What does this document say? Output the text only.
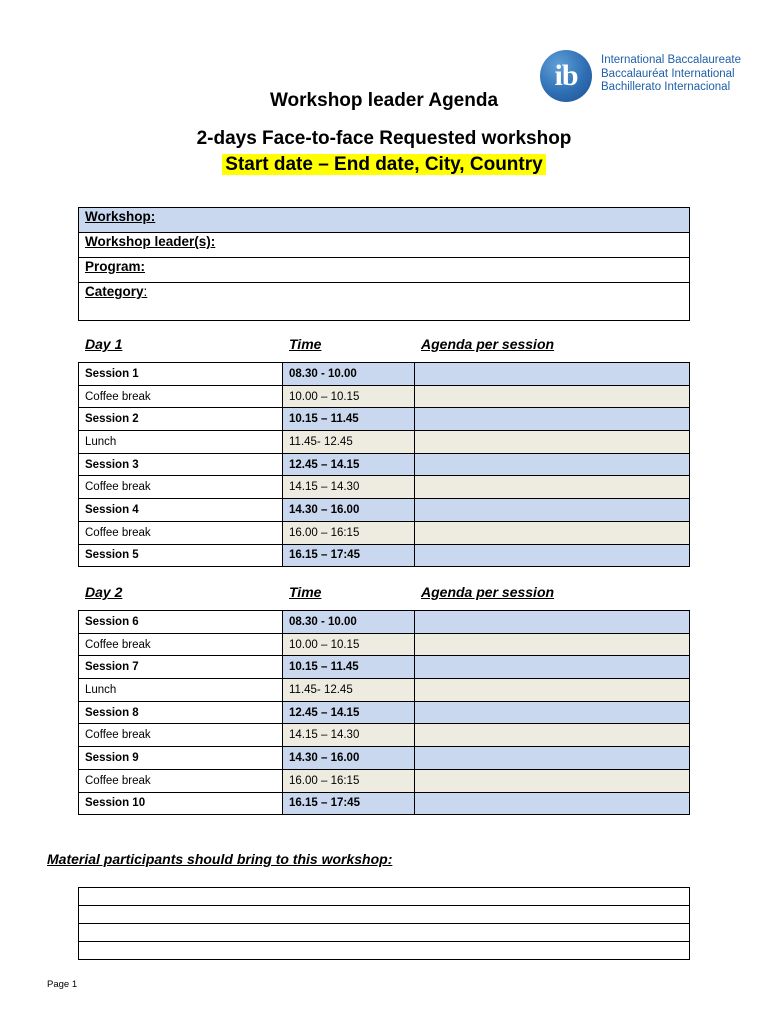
ib	International Baccalaureate
Baccalauréat International
Bachillerato Internacional
Workshop leader Agenda
2-days Face-to-face Requested workshop
Start date – End date, City, Country
Workshop:
Workshop leader(s):
Program:
Category:
Day 1	Time	Agenda per session
Session 1	08.30 - 10.00	
Coffee break	10.00 – 10.15	
Session 2	10.15 – 11.45	
Lunch	11.45- 12.45	
Session 3	12.45 – 14.15	
Coffee break	14.15 – 14.30	
Session 4	14.30 – 16.00	
Coffee break	16.00 – 16:15	
Session 5	16.15 – 17:45	
Day 2	Time	Agenda per session
Session 6	08.30 - 10.00	
Coffee break	10.00 – 10.15	
Session 7	10.15 – 11.45	
Lunch	11.45- 12.45	
Session 8	12.45 – 14.15	
Coffee break	14.15 – 14.30	
Session 9	14.30 – 16.00	
Coffee break	16.00 – 16:15	
Session 10	16.15 – 17:45	
Material participants should bring to this workshop:

Page 1
